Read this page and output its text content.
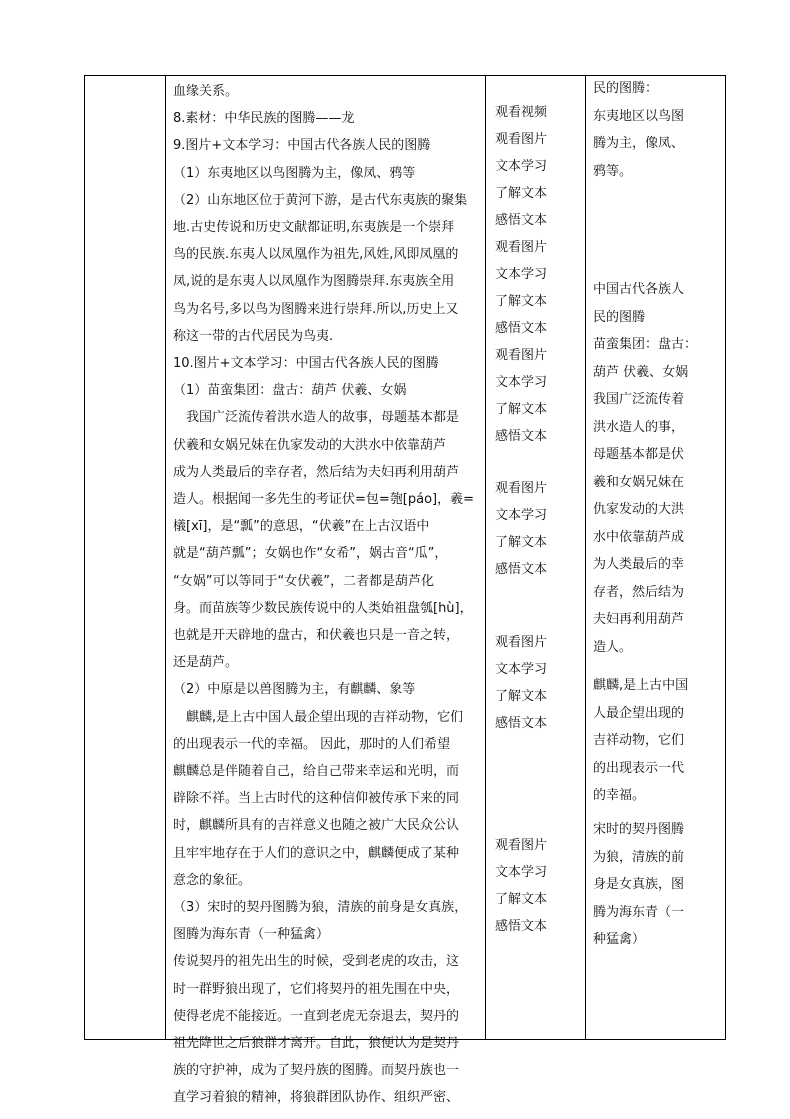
血缘关系。
8.素材：中华民族的图腾——龙
9.图片+文本学习：中国古代各族人民的图腾
（1）东夷地区以鸟图腾为主，像凤、鸦等
（2）山东地区位于黄河下游，是古代东夷族的聚集
地.古史传说和历史文献都证明,东夷族是一个崇拜
鸟的民族.东夷人以凤凰作为祖先,风姓,风即凤凰的
凤,说的是东夷人以凤凰作为图腾崇拜.东夷族全用
鸟为名号,多以鸟为图腾来进行崇拜.所以,历史上又
称这一带的古代居民为鸟夷.
10.图片+文本学习：中国古代各族人民的图腾
（1）苗蛮集团：盘古：葫芦 伏羲、女娲
　我国广泛流传着洪水造人的故事，母题基本都是
伏羲和女娲兄妹在仇家发动的大洪水中依靠葫芦
成为人类最后的幸存者，然后结为夫妇再利用葫芦
造人。根据闻一多先生的考证伏=包=匏[páo]，羲=
檥[xī]，是“瓢”的意思，“伏羲”在上古汉语中
就是“葫芦瓢”；女娲也作“女希”，娲古音“瓜”，
“女娲”可以等同于“女伏羲”，二者都是葫芦化
身。而苗族等少数民族传说中的人类始祖盘瓠[hù]，
也就是开天辟地的盘古，和伏羲也只是一音之转，
还是葫芦。
（2）中原是以兽图腾为主，有麒麟、象等
　麒麟,是上古中国人最企望出现的吉祥动物，它们
的出现表示一代的幸福。 因此，那时的人们希望
麒麟总是伴随着自己，给自己带来幸运和光明，而
辟除不祥。当上古时代的这种信仰被传承下来的同
时，麒麟所具有的吉祥意义也随之被广大民众公认
且牢牢地存在于人们的意识之中，麒麟便成了某种
意念的象征。
（3）宋时的契丹图腾为狼，清族的前身是女真族，
图腾为海东青（一种猛禽）
传说契丹的祖先出生的时候，受到老虎的攻击，这
时一群野狼出现了，它们将契丹的祖先围在中央，
使得老虎不能接近。一直到老虎无奈退去，契丹的
祖先降世之后狼群才离开。自此，狼便认为是契丹
族的守护神，成为了契丹族的图腾。而契丹族也一
直学习着狼的精神，将狼群团队协作、组织严密、
观看视频
观看图片
文本学习
了解文本
感悟文本
观看图片
文本学习
了解文本
感悟文本
观看图片
文本学习
了解文本
感悟文本
观看图片
文本学习
了解文本
感悟文本
观看图片
文本学习
了解文本
感悟文本
观看图片
文本学习
了解文本
感悟文本
民的图腾：
东夷地区以鸟图
腾为主，像凤、
鸦等。
中国古代各族人
民的图腾
苗蛮集团：盘古：
葫芦 伏羲、女娲
我国广泛流传着
洪水造人的事，
母题基本都是伏
羲和女娲兄妹在
仇家发动的大洪
水中依靠葫芦成
为人类最后的幸
存者，然后结为
夫妇再利用葫芦
造人。
麒麟,是上古中国
人最企望出现的
吉祥动物，它们
的出现表示一代
的幸福。
宋时的契丹图腾
为狼，清族的前
身是女真族，图
腾为海东青（一
种猛禽）
